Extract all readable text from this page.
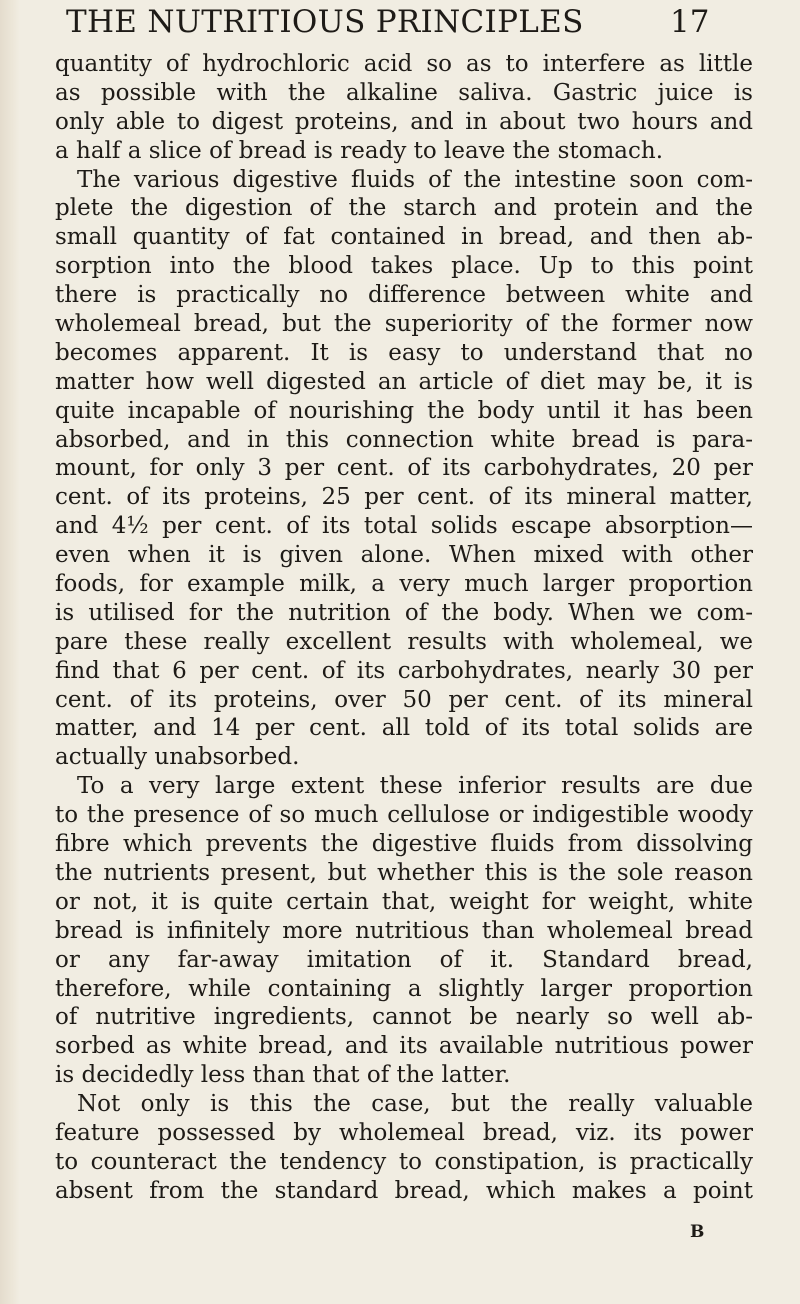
THE NUTRITIOUS PRINCIPLES	17
quantity of hydrochloric acid so as to interfere as little
as possible with the alkaline saliva. Gastric juice is
only able to digest proteins, and in about two hours and
a half a slice of bread is ready to leave the stomach.
The various digestive fluids of the intestine soon com-
plete the digestion of the starch and protein and the
small quantity of fat contained in bread, and then ab-
sorption into the blood takes place. Up to this point
there is practically no difference between white and
wholemeal bread, but the superiority of the former now
becomes apparent. It is easy to understand that no
matter how well digested an article of diet may be, it is
quite incapable of nourishing the body until it has been
absorbed, and in this connection white bread is para-
mount, for only 3 per cent. of its carbohydrates, 20 per
cent. of its proteins, 25 per cent. of its mineral matter,
and 4½ per cent. of its total solids escape absorption—
even when it is given alone. When mixed with other
foods, for example milk, a very much larger proportion
is utilised for the nutrition of the body. When we com-
pare these really excellent results with wholemeal, we
find that 6 per cent. of its carbohydrates, nearly 30 per
cent. of its proteins, over 50 per cent. of its mineral
matter, and 14 per cent. all told of its total solids are
actually unabsorbed.
To a very large extent these inferior results are due
to the presence of so much cellulose or indigestible woody
fibre which prevents the digestive fluids from dissolving
the nutrients present, but whether this is the sole reason
or not, it is quite certain that, weight for weight, white
bread is infinitely more nutritious than wholemeal bread
or any far-away imitation of it. Standard bread,
therefore, while containing a slightly larger proportion
of nutritive ingredients, cannot be nearly so well ab-
sorbed as white bread, and its available nutritious power
is decidedly less than that of the latter.
Not only is this the case, but the really valuable
feature possessed by wholemeal bread, viz. its power
to counteract the tendency to constipation, is practically
absent from the standard bread, which makes a point
B
